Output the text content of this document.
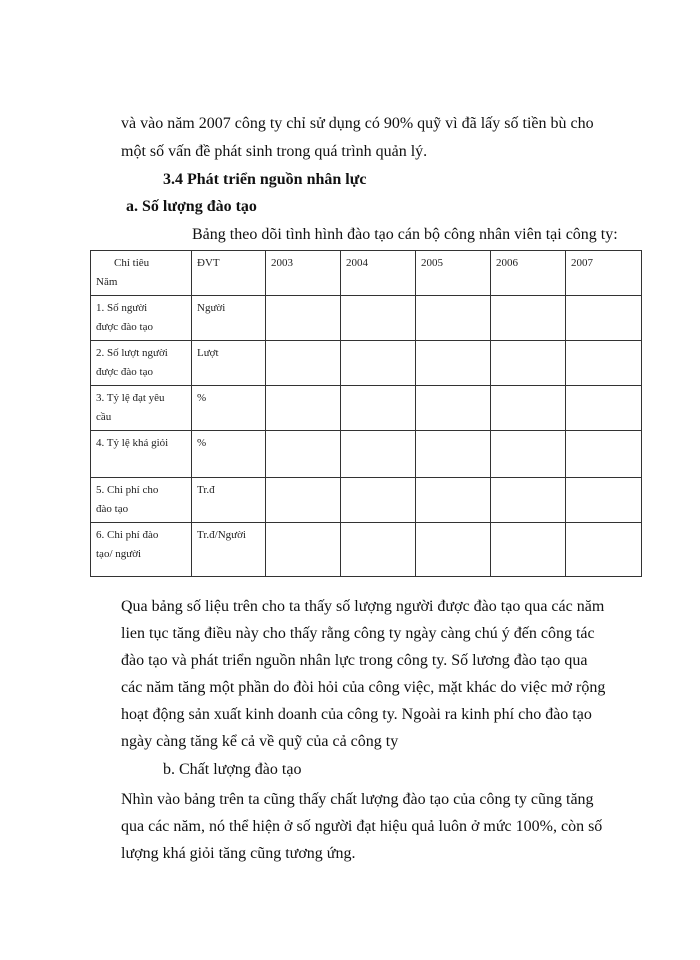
và vào năm 2007 công ty chỉ sử dụng có 90% quỹ vì đã lấy số tiền bù cho
một số vấn đề phát sinh trong quá trình quản lý.
3.4 Phát triển nguồn nhân lực
a. Số lượng đào tạo
Bảng theo dõi tình hình đào tạo cán bộ công nhân viên tại công ty:
Chỉ tiêu
Năm	ĐVT	2003	2004	2005	2006	2007

1. Số người
được đào tạo	Người					

2. Số lượt người
được đào tạo	Lượt					

3. Tỷ lệ đạt yêu
cầu	%					

4. Tỷ lệ khá giỏi	%					

5. Chi phí cho
đào tạo	Tr.đ					

6. Chi phí đào
tạo/ người	Tr.đ/Người					
Qua bảng số liệu trên cho ta thấy số lượng người được đào tạo qua các năm
lien tục tăng điều này cho thấy rằng công ty ngày càng chú ý đến công tác
đào tạo và phát triển nguồn nhân lực trong công ty. Số lương đào tạo qua
các năm tăng một phần do đòi hỏi của công việc, mặt khác do việc mở rộng
hoạt động sản xuất kinh doanh của công ty. Ngoài ra kinh phí cho đào tạo
ngày càng tăng kể cả về quỹ của cả công ty
b. Chất lượng đào tạo
Nhìn vào bảng trên ta cũng thấy chất lượng đào tạo của công ty cũng tăng
qua các năm, nó thể hiện ở số người đạt hiệu quả luôn ở mức 100%, còn số
lượng khá giỏi tăng cũng tương ứng.
